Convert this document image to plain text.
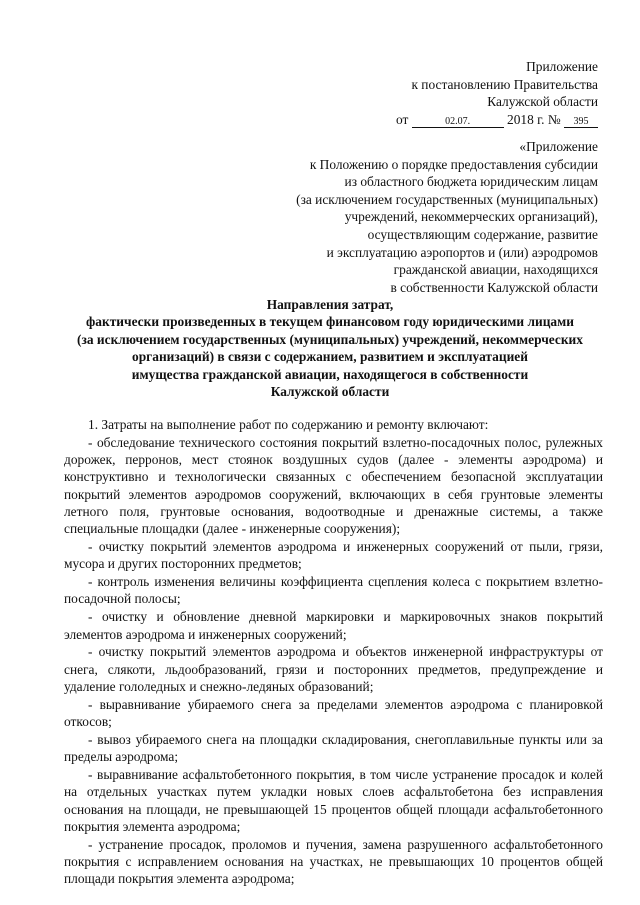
Приложение
к постановлению Правительства
Калужской области
от	02.07.	2018 г. № 395
«Приложение
к Положению о порядке предоставления субсидии
из областного бюджета юридическим лицам
(за исключением государственных (муниципальных)
учреждений, некоммерческих организаций),
осуществляющим содержание, развитие
и эксплуатацию аэропортов и (или) аэродромов
гражданской авиации, находящихся
в собственности Калужской области
Направления затрат,
фактически произведенных в текущем финансовом году юридическими лицами
(за исключением государственных (муниципальных) учреждений, некоммерческих
организаций) в связи с содержанием, развитием и эксплуатацией
имущества гражданской авиации, находящегося в собственности
Калужской области

1. Затраты на выполнение работ по содержанию и ремонту включают:

- обследование технического состояния покрытий взлетно-посадочных полос, рулежных дорожек, перронов, мест стоянок воздушных судов (далее - элементы аэродрома) и конструктивно и технологически связанных с обеспечением безопасной эксплуатации покрытий элементов аэродромов сооружений, включающих в себя грунтовые элементы летного поля, грунтовые основания, водоотводные и дренажные системы, а также специальные площадки (далее - инженерные сооружения);

- очистку покрытий элементов аэродрома и инженерных сооружений от пыли, грязи, мусора и других посторонних предметов;

- контроль изменения величины коэффициента сцепления колеса с покрытием взлетно-посадочной полосы;

- очистку и обновление дневной маркировки и маркировочных знаков покрытий элементов аэродрома и инженерных сооружений;

- очистку покрытий элементов аэродрома и объектов инженерной инфраструктуры от снега, слякоти, льдообразований, грязи и посторонних предметов, предупреждение и удаление гололедных и снежно-ледяных образований;

- выравнивание убираемого снега за пределами элементов аэродрома с планировкой откосов;

- вывоз убираемого снега на площадки складирования, снегоплавильные пункты или за пределы аэродрома;

- выравнивание асфальтобетонного покрытия, в том числе устранение просадок и колей на отдельных участках путем укладки новых слоев асфальтобетона без исправления основания на площади, не превышающей 15 процентов общей площади асфальтобетонного покрытия элемента аэродрома;

- устранение просадок, проломов и пучения, замена разрушенного асфальтобетонного покрытия с исправлением основания на участках, не превышающих 10 процентов общей площади покрытия элемента аэродрома;
